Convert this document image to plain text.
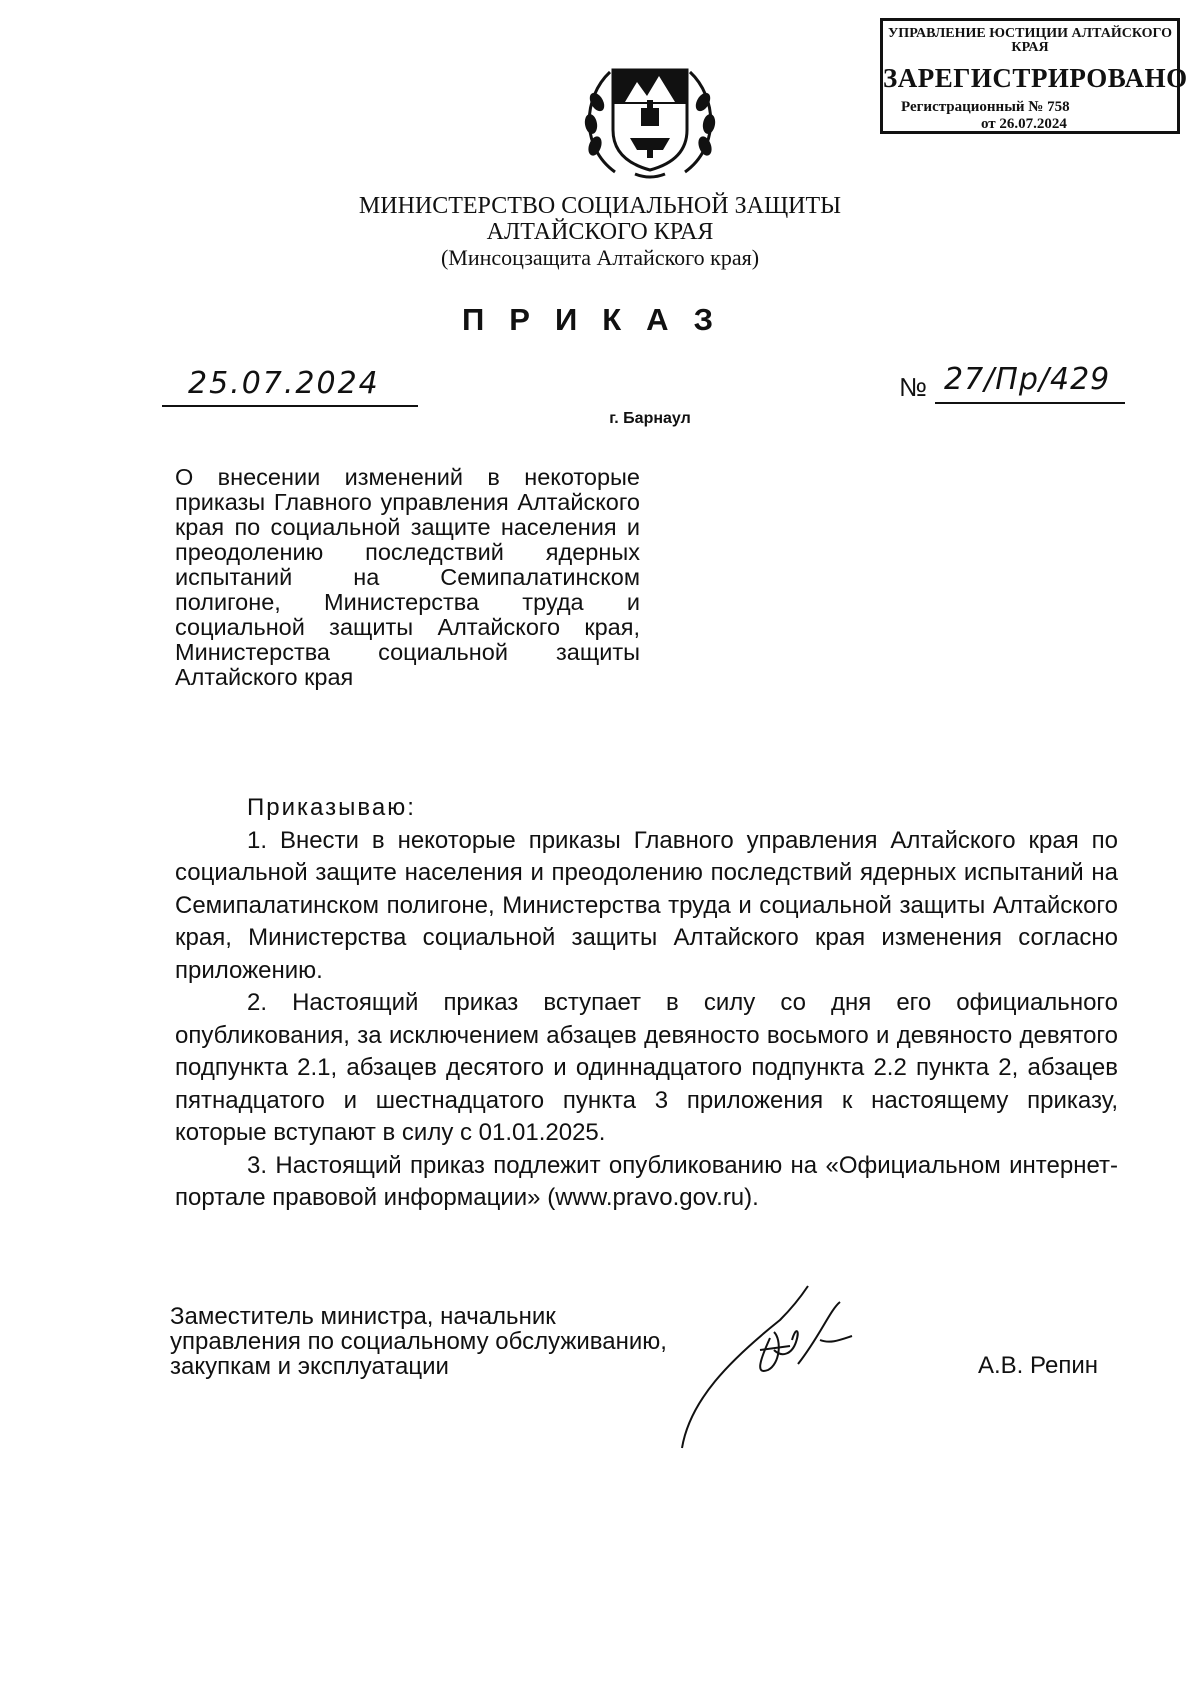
УПРАВЛЕНИЕ ЮСТИЦИИ АЛТАЙСКОГО КРАЯ
ЗАРЕГИСТРИРОВАНО
Регистрационный № 758
от 26.07.2024
МИНИСТЕРСТВО СОЦИАЛЬНОЙ ЗАЩИТЫ АЛТАЙСКОГО КРАЯ
(Минсоцзащита Алтайского края)
ПРИКАЗ
25.07.2024	№ 27/Пр/429
г. Барнаул
О внесении изменений в некоторые приказы Главного управления Алтайского края по социальной защите населения и преодолению последствий ядерных испытаний на Семипалатинском полигоне, Министерства труда и социальной защиты Алтайского края, Министерства социальной защиты Алтайского края
Приказываю:

1. Внести в некоторые приказы Главного управления Алтайского края по социальной защите населения и преодолению последствий ядерных испытаний на Семипалатинском полигоне, Министерства труда и социальной защиты Алтайского края, Министерства социальной защиты Алтайского края изменения согласно приложению.

2. Настоящий приказ вступает в силу со дня его официального опубликования, за исключением абзацев девяносто восьмого и девяносто девятого подпункта 2.1, абзацев десятого и одиннадцатого подпункта 2.2 пункта 2, абзацев пятнадцатого и шестнадцатого пункта 3 приложения к настоящему приказу, которые вступают в силу с 01.01.2025.

3. Настоящий приказ подлежит опубликованию на «Официальном интернет-портале правовой информации» (www.pravo.gov.ru).

Заместитель министра, начальник управления по социальному обслуживанию, закупкам и эксплуатации	А.В. Репин
